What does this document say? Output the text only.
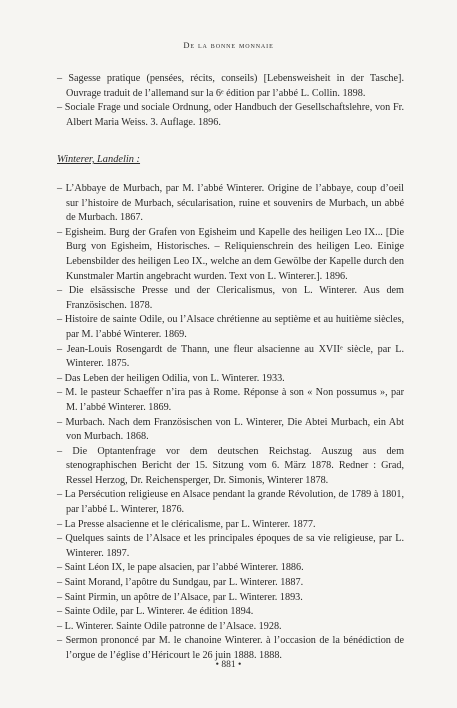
De la bonne monnaie

– Sagesse pratique (pensées, récits, conseils) [Lebensweisheit in der Tasche]. Ouvrage traduit de l’allemand sur la 6ᵉ édition par l’abbé L. Collin. 1898.

– Sociale Frage und sociale Ordnung, oder Handbuch der Gesellschaftslehre, von Fr. Albert Maria Weiss. 3. Auflage. 1896.

Winterer, Landelin :

– L’Abbaye de Murbach, par M. l’abbé Winterer. Origine de l’abbaye, coup d’oeil sur l’histoire de Murbach, sécularisation, ruine et souvenirs de Murbach, un abbé de Murbach. 1867.

– Egisheim. Burg der Grafen von Egisheim und Kapelle des heiligen Leo IX... [Die Burg von Egisheim, Historisches. – Reliquienschrein des heiligen Leo. Einige Lebensbilder des heiligen Leo IX., welche an dem Gewölbe der Kapelle durch den Kunstmaler Martin angebracht wurden. Text von L. Winterer.]. 1896.

– Die elsässische Presse und der Clericalismus, von L. Winterer. Aus dem Französischen. 1878.

– Histoire de sainte Odile, ou l’Alsace chrétienne au septième et au huitième siècles, par M. l’abbé Winterer. 1869.

– Jean-Louis Rosengardt de Thann, une fleur alsacienne au XVIIᵉ siècle, par L. Winterer. 1875.

– Das Leben der heiligen Odilia, von L. Winterer. 1933.

– M. le pasteur Schaeffer n’ira pas à Rome. Réponse à son « Non possumus », par M. l’abbé Winterer. 1869.

– Murbach. Nach dem Französischen von L. Winterer, Die Abtei Murbach, ein Abt von Murbach. 1868.

– Die Optantenfrage vor dem deutschen Reichstag. Auszug aus dem stenographischen Bericht der 15. Sitzung vom 6. März 1878. Redner : Grad, Ressel Herzog, Dr. Reichensperger, Dr. Simonis, Winterer 1878.

– La Persécution religieuse en Alsace pendant la grande Révolution, de 1789 à 1801, par l’abbé L. Winterer, 1876.

– La Presse alsacienne et le cléricalisme, par L. Winterer. 1877.

– Quelques saints de l’Alsace et les principales époques de sa vie religieuse, par L. Winterer. 1897.

– Saint Léon IX, le pape alsacien, par l’abbé Winterer. 1886.

– Saint Morand, l’apôtre du Sundgau, par L. Winterer. 1887.

– Saint Pirmin, un apôtre de l’Alsace, par L. Winterer. 1893.

– Sainte Odile, par L. Winterer. 4e édition 1894.

– L. Winterer. Sainte Odile patronne de l’Alsace. 1928.

– Sermon prononcé par M. le chanoine Winterer. à l’occasion de la bénédiction de l’orgue de l’église d’Héricourt le 26 juin 1888. 1888.

• 881 •
